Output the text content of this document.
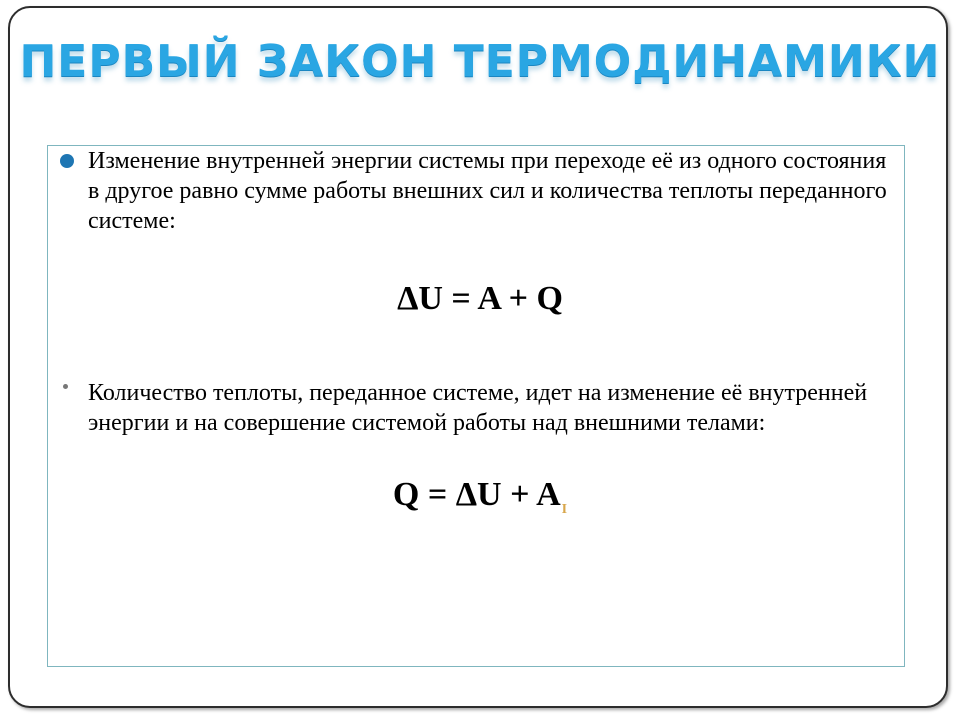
ПЕРВЫЙ ЗАКОН ТЕРМОДИНАМИКИ
Изменение внутренней энергии системы при переходе её из одного состояния в другое равно сумме работы внешних сил и количества теплоты переданного системе:
ΔU = A + Q
Количество теплоты, переданное системе, идет на изменение её внутренней энергии и на совершение системой работы над внешними телами:
$Q = \Delta U + A_I$
